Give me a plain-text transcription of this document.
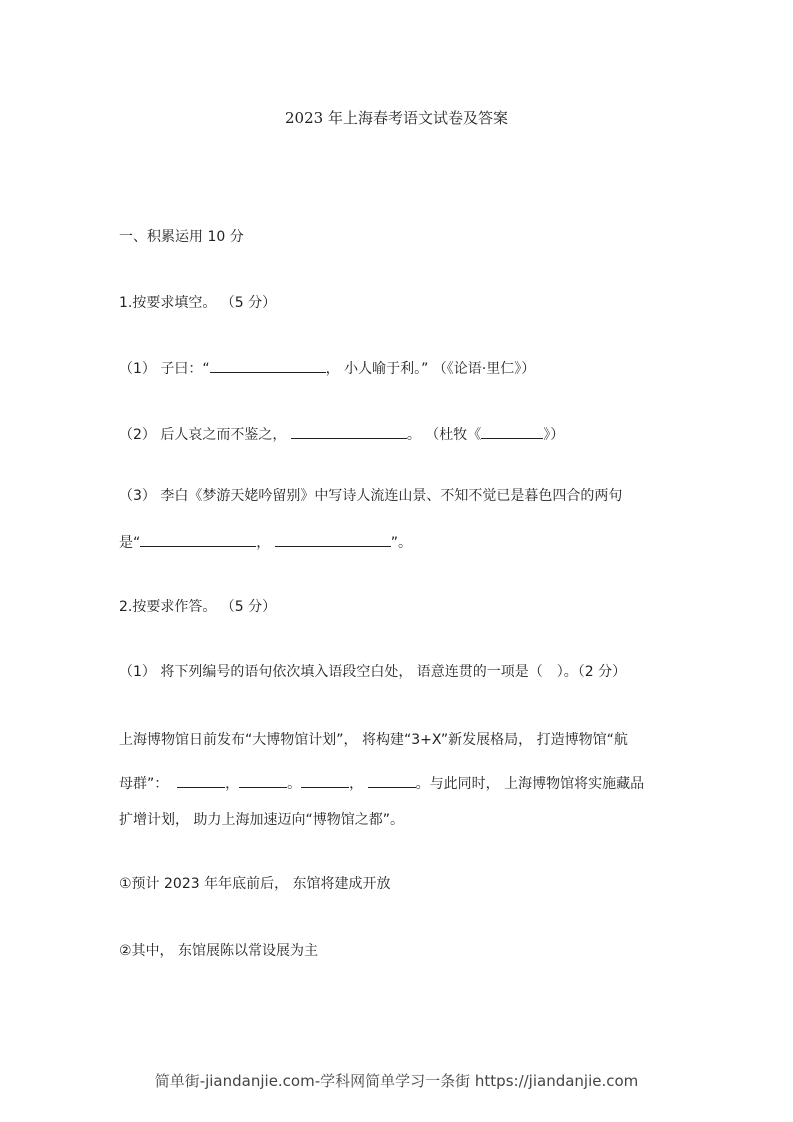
2023 年上海春考语文试卷及答案
一、积累运用 10 分
1.按要求填空。 （5 分）
（1） 子曰：“	， 小人喻于利。” （《论语·里仁》）
（2） 后人哀之而不鉴之，	。 （杜牧《	》）
（3） 李白《梦游天姥吟留别》中写诗人流连山景、不知不觉已是暮色四合的两句
是“	，	”。
2.按要求作答。 （5 分）
（1） 将下列编号的语句依次填入语段空白处， 语意连贯的一项是（　）。（2 分）
上海博物馆日前发布“大博物馆计划”， 将构建“3+X”新发展格局， 打造博物馆“航
母群”：	，	。	，	。与此同时， 上海博物馆将实施藏品
扩增计划， 助力上海加速迈向“博物馆之都”。
①预计 2023 年年底前后， 东馆将建成开放
②其中， 东馆展陈以常设展为主
简单街-jiandanjie.com-学科网简单学习一条街 https://jiandanjie.com
